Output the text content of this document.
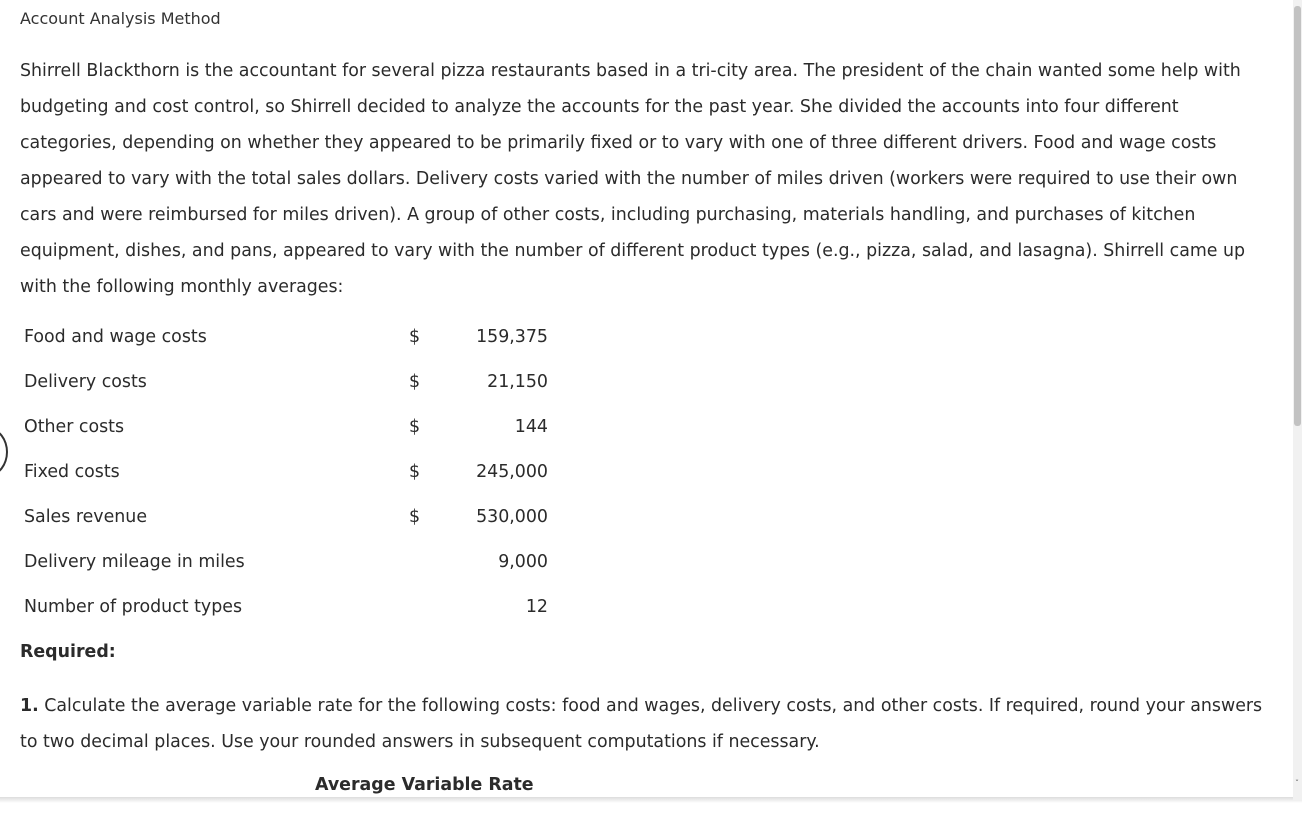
Account Analysis Method
Shirrell Blackthorn is the accountant for several pizza restaurants based in a tri-city area. The president of the chain wanted some help with budgeting and cost control, so Shirrell decided to analyze the accounts for the past year. She divided the accounts into four different categories, depending on whether they appeared to be primarily fixed or to vary with one of three different drivers. Food and wage costs appeared to vary with the total sales dollars. Delivery costs varied with the number of miles driven (workers were required to use their own cars and were reimbursed for miles driven). A group of other costs, including purchasing, materials handling, and purchases of kitchen equipment, dishes, and pans, appeared to vary with the number of different product types (e.g., pizza, salad, and lasagna). Shirrell came up with the following monthly averages:
Food and wage costs	$	159,375
Delivery costs	$	21,150
Other costs	$	144
Fixed costs	$	245,000
Sales revenue	$	530,000
Delivery mileage in miles		9,000
Number of product types		12
Required:
1. Calculate the average variable rate for the following costs: food and wages, delivery costs, and other costs. If required, round your answers to two decimal places. Use your rounded answers in subsequent computations if necessary.
Average Variable Rate	ˇ
